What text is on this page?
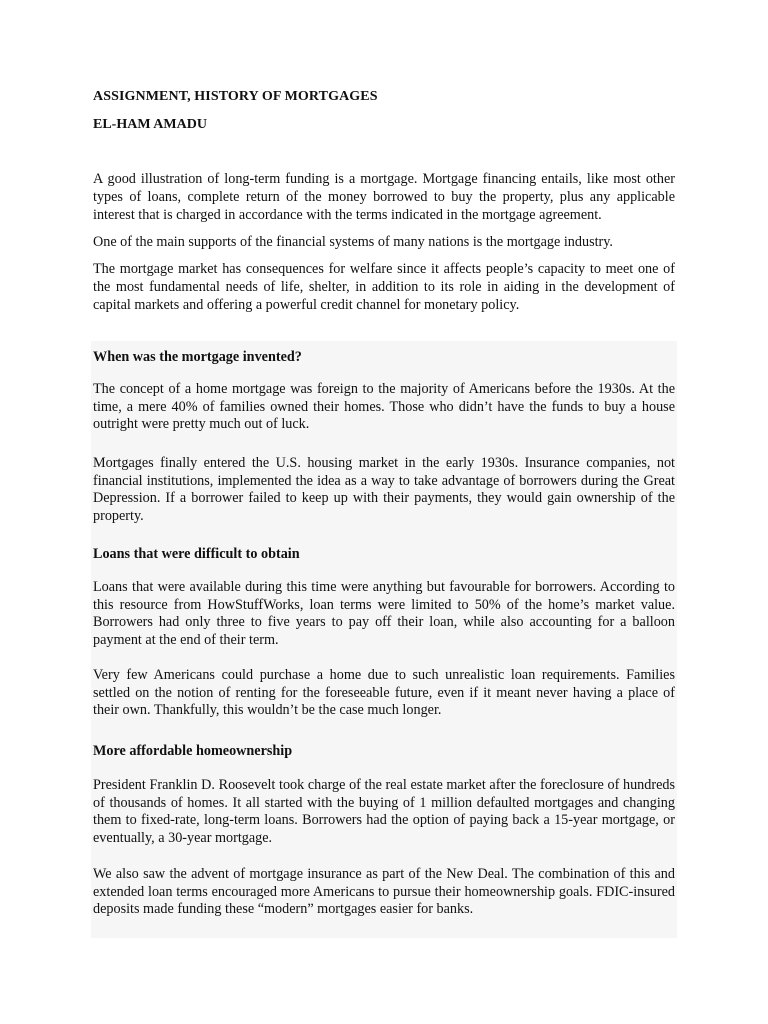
ASSIGNMENT, HISTORY OF MORTGAGES
EL-HAM AMADU

A good illustration of long-term funding is a mortgage. Mortgage financing entails, like most other types of loans, complete return of the money borrowed to buy the property, plus any applicable interest that is charged in accordance with the terms indicated in the mortgage agreement.

One of the main supports of the financial systems of many nations is the mortgage industry.

The mortgage market has consequences for welfare since it affects people’s capacity to meet one of the most fundamental needs of life, shelter, in addition to its role in aiding in the development of capital markets and offering a powerful credit channel for monetary policy.

When was the mortgage invented?
The concept of a home mortgage was foreign to the majority of Americans before the 1930s. At the time, a mere 40% of families owned their homes. Those who didn’t have the funds to buy a house outright were pretty much out of luck.
Mortgages finally entered the U.S. housing market in the early 1930s. Insurance companies, not financial institutions, implemented the idea as a way to take advantage of borrowers during the Great Depression. If a borrower failed to keep up with their payments, they would gain ownership of the property.
Loans that were difficult to obtain
Loans that were available during this time were anything but favourable for borrowers. According to this resource from HowStuffWorks, loan terms were limited to 50% of the home’s market value. Borrowers had only three to five years to pay off their loan, while also accounting for a balloon payment at the end of their term.
Very few Americans could purchase a home due to such unrealistic loan requirements. Families settled on the notion of renting for the foreseeable future, even if it meant never having a place of their own. Thankfully, this wouldn’t be the case much longer.
More affordable homeownership
President Franklin D. Roosevelt took charge of the real estate market after the foreclosure of hundreds of thousands of homes. It all started with the buying of 1 million defaulted mortgages and changing them to fixed-rate, long-term loans. Borrowers had the option of paying back a 15-year mortgage, or eventually, a 30-year mortgage.
We also saw the advent of mortgage insurance as part of the New Deal. The combination of this and extended loan terms encouraged more Americans to pursue their homeownership goals. FDIC-insured deposits made funding these “modern” mortgages easier for banks.
